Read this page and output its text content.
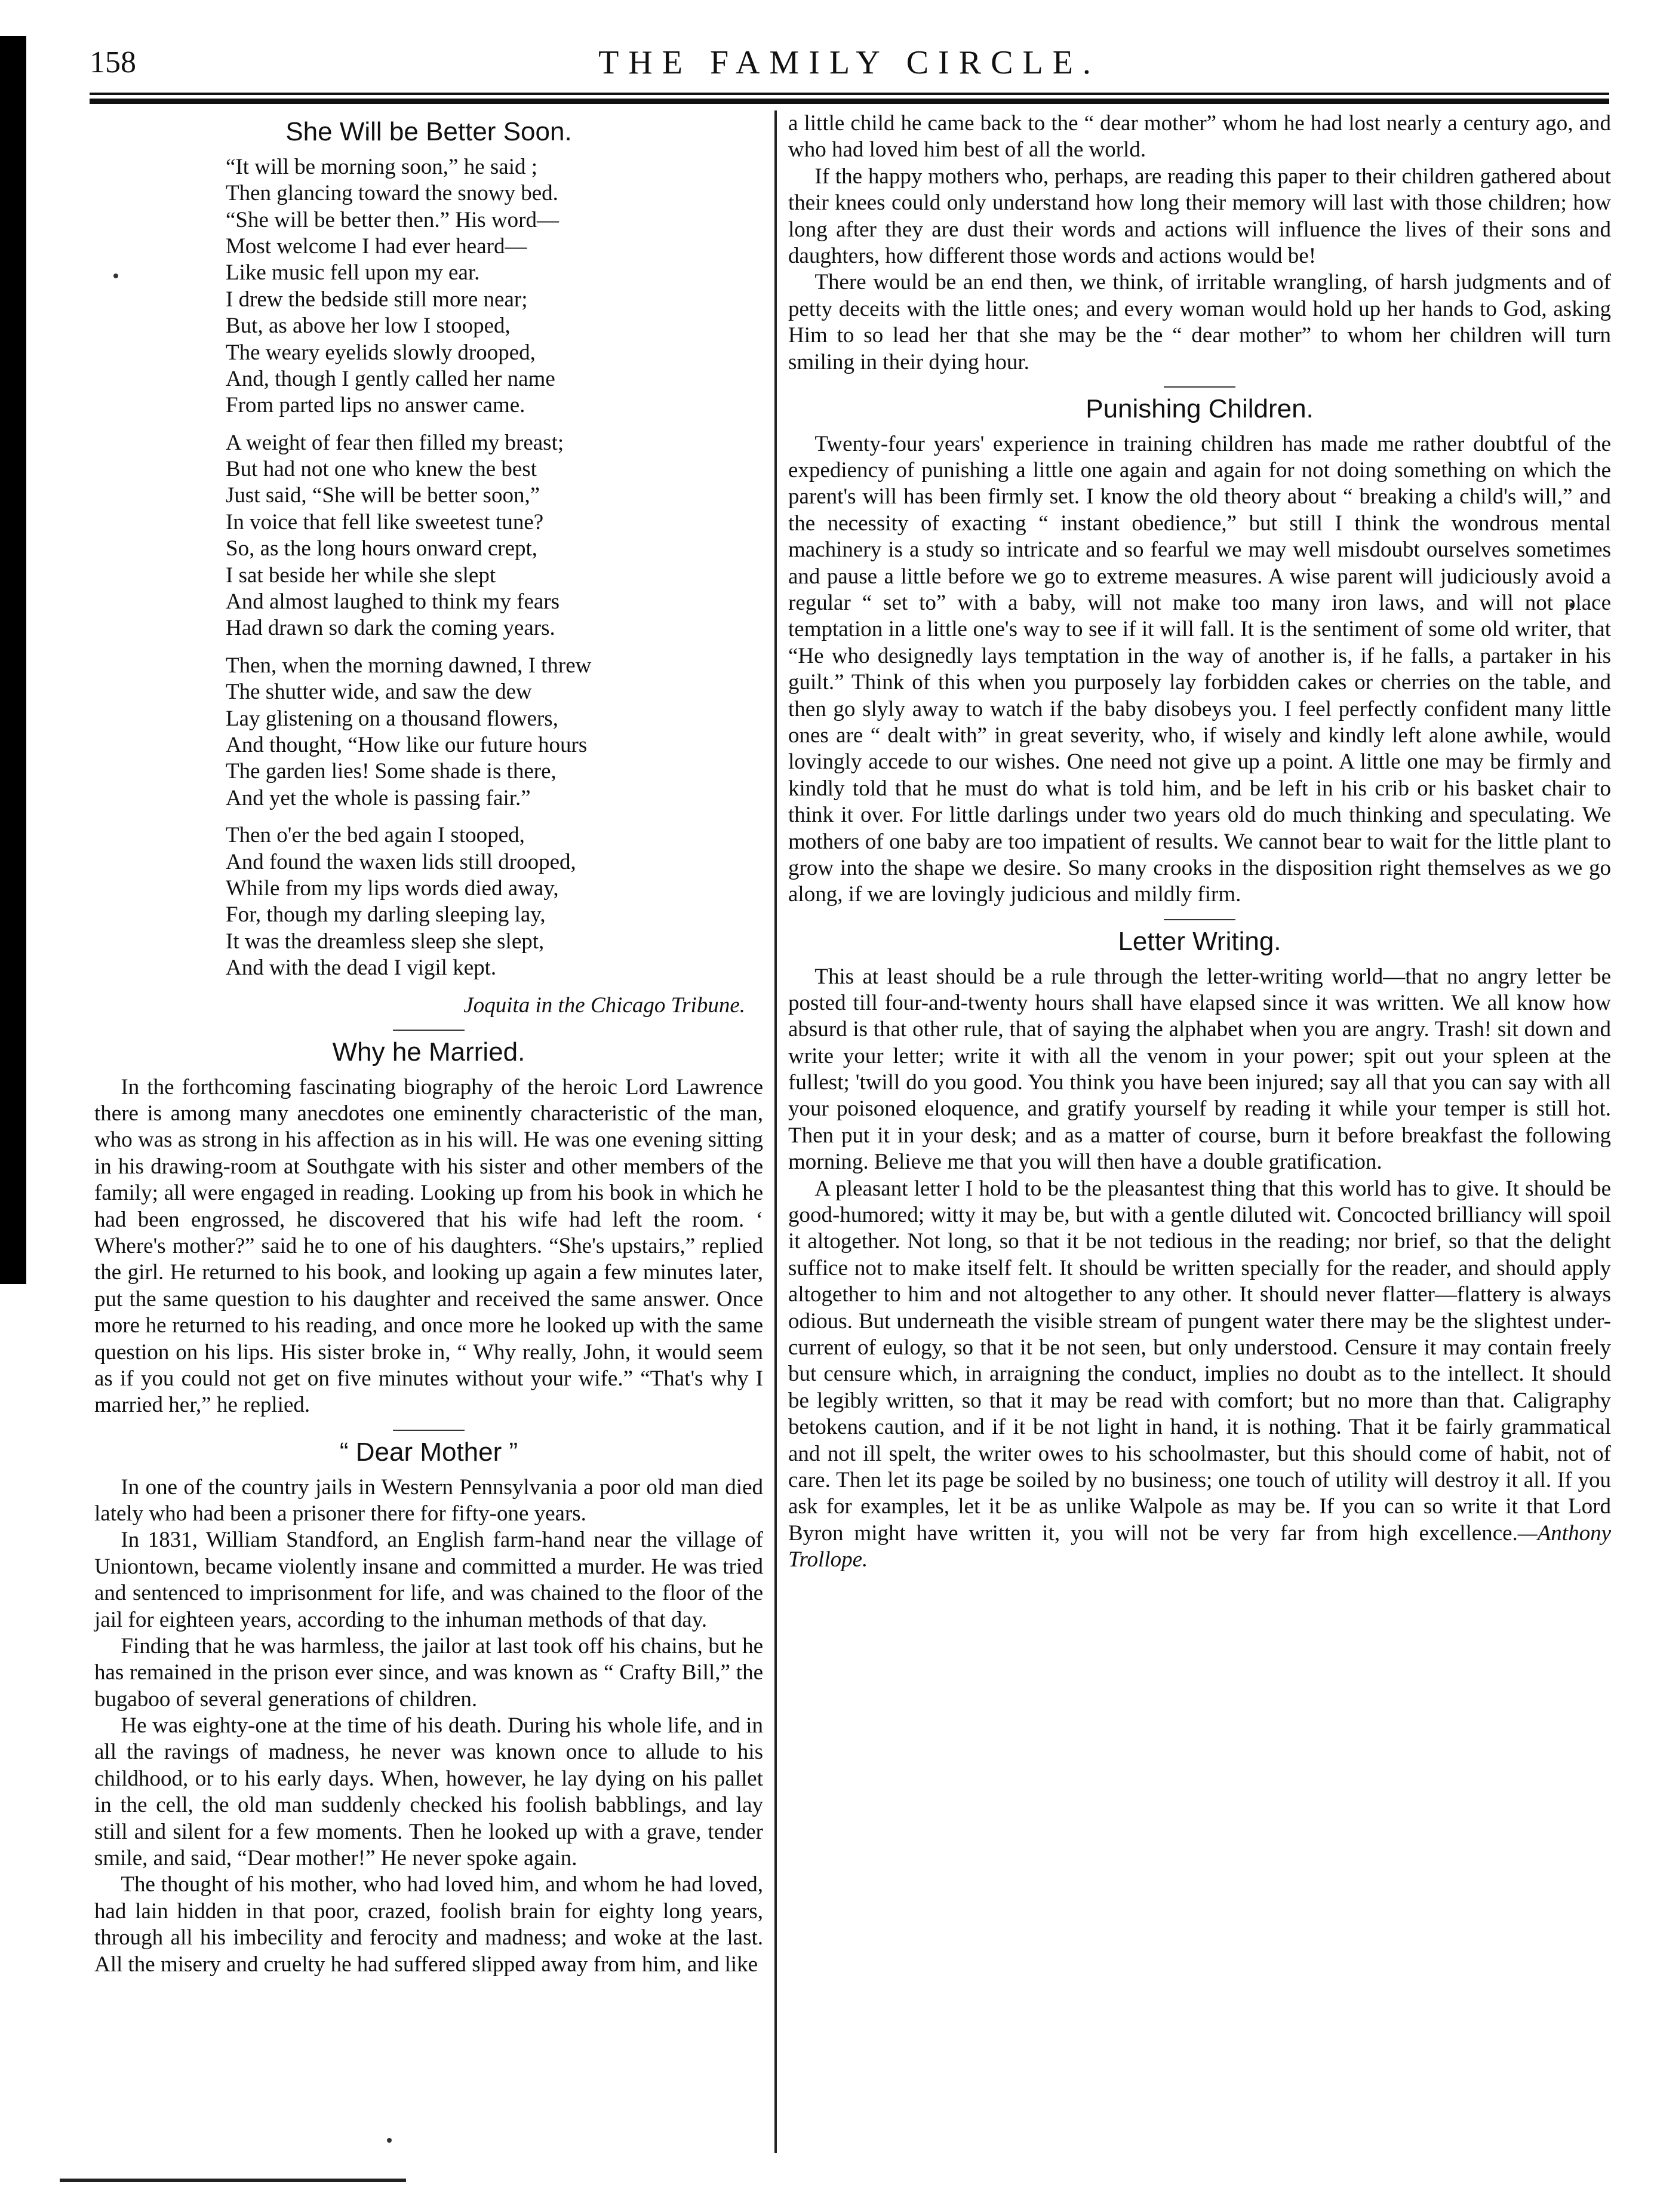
158	THE FAMILY CIRCLE.
She Will be Better Soon.
“It will be morning soon,” he said ;
Then glancing toward the snowy bed.
“She will be better then.” His word—
Most welcome I had ever heard—
Like music fell upon my ear.
I drew the bedside still more near;
But, as above her low I stooped,
The weary eyelids slowly drooped,
And, though I gently called her name
From parted lips no answer came.
A weight of fear then filled my breast;
But had not one who knew the best
Just said, “She will be better soon,”
In voice that fell like sweetest tune?
So, as the long hours onward crept,
I sat beside her while she slept
And almost laughed to think my fears
Had drawn so dark the coming years.
Then, when the morning dawned, I threw
The shutter wide, and saw the dew
Lay glistening on a thousand flowers,
And thought, “How like our future hours
The garden lies! Some shade is there,
And yet the whole is passing fair.”
Then o'er the bed again I stooped,
And found the waxen lids still drooped,
While from my lips words died away,
For, though my darling sleeping lay,
It was the dreamless sleep she slept,
And with the dead I vigil kept.
Joquita in the Chicago Tribune.
Why he Married.

In the forthcoming fascinating biography of the heroic Lord Lawrence there is among many anecdotes one eminently characteristic of the man, who was as strong in his affection as in his will. He was one evening sitting in his drawing-room at Southgate with his sister and other members of the family; all were engaged in reading. Looking up from his book in which he had been engrossed, he discovered that his wife had left the room. ‘ Where's mother?” said he to one of his daughters. “She's upstairs,” replied the girl. He returned to his book, and looking up again a few minutes later, put the same question to his daughter and received the same answer. Once more he returned to his reading, and once more he looked up with the same question on his lips. His sister broke in, “ Why really, John, it would seem as if you could not get on five minutes without your wife.” “That's why I married her,” he replied.

“ Dear Mother ”

In one of the country jails in Western Pennsylvania a poor old man died lately who had been a prisoner there for fifty-one years.

In 1831, William Standford, an English farm-hand near the village of Uniontown, became violently insane and committed a murder. He was tried and sentenced to imprisonment for life, and was chained to the floor of the jail for eighteen years, according to the inhuman methods of that day.

Finding that he was harmless, the jailor at last took off his chains, but he has remained in the prison ever since, and was known as “ Crafty Bill,” the bugaboo of several generations of children.

He was eighty-one at the time of his death. During his whole life, and in all the ravings of madness, he never was known once to allude to his childhood, or to his early days. When, however, he lay dying on his pallet in the cell, the old man suddenly checked his foolish babblings, and lay still and silent for a few moments. Then he looked up with a grave, tender smile, and said, “Dear mother!” He never spoke again.

The thought of his mother, who had loved him, and whom he had loved, had lain hidden in that poor, crazed, foolish brain for eighty long years, through all his imbecility and ferocity and madness; and woke at the last. All the misery and cruelty he had suffered slipped away from him, and like

a little child he came back to the “ dear mother” whom he had lost nearly a century ago, and who had loved him best of all the world.

If the happy mothers who, perhaps, are reading this paper to their children gathered about their knees could only understand how long their memory will last with those children; how long after they are dust their words and actions will influence the lives of their sons and daughters, how different those words and actions would be!

There would be an end then, we think, of irritable wrangling, of harsh judgments and of petty deceits with the little ones; and every woman would hold up her hands to God, asking Him to so lead her that she may be the “ dear mother” to whom her children will turn smiling in their dying hour.

Punishing Children.

Twenty-four years' experience in training children has made me rather doubtful of the expediency of punishing a little one again and again for not doing something on which the parent's will has been firmly set. I know the old theory about “ breaking a child's will,” and the necessity of exacting “ instant obedience,” but still I think the wondrous mental machinery is a study so intricate and so fearful we may well misdoubt ourselves sometimes and pause a little before we go to extreme measures. A wise parent will judiciously avoid a regular “ set to” with a baby, will not make too many iron laws, and will not place temptation in a little one's way to see if it will fall. It is the sentiment of some old writer, that “He who designedly lays temptation in the way of another is, if he falls, a partaker in his guilt.” Think of this when you purposely lay forbidden cakes or cherries on the table, and then go slyly away to watch if the baby disobeys you. I feel perfectly confident many little ones are “ dealt with” in great severity, who, if wisely and kindly left alone awhile, would lovingly accede to our wishes. One need not give up a point. A little one may be firmly and kindly told that he must do what is told him, and be left in his crib or his basket chair to think it over. For little darlings under two years old do much thinking and speculating. We mothers of one baby are too impatient of results. We cannot bear to wait for the little plant to grow into the shape we desire. So many crooks in the disposition right themselves as we go along, if we are lovingly judicious and mildly firm.

Letter Writing.

This at least should be a rule through the letter-writing world—that no angry letter be posted till four-and-twenty hours shall have elapsed since it was written. We all know how absurd is that other rule, that of saying the alphabet when you are angry. Trash! sit down and write your letter; write it with all the venom in your power; spit out your spleen at the fullest; 'twill do you good. You think you have been injured; say all that you can say with all your poisoned eloquence, and gratify yourself by reading it while your temper is still hot. Then put it in your desk; and as a matter of course, burn it before breakfast the following morning. Believe me that you will then have a double gratification.

A pleasant letter I hold to be the pleasantest thing that this world has to give. It should be good-humored; witty it may be, but with a gentle diluted wit. Concocted brilliancy will spoil it altogether. Not long, so that it be not tedious in the reading; nor brief, so that the delight suffice not to make itself felt. It should be written specially for the reader, and should apply altogether to him and not altogether to any other. It should never flatter—flattery is always odious. But underneath the visible stream of pungent water there may be the slightest under-current of eulogy, so that it be not seen, but only understood. Censure it may contain freely but censure which, in arraigning the conduct, implies no doubt as to the intellect. It should be legibly written, so that it may be read with comfort; but no more than that. Caligraphy betokens caution, and if it be not light in hand, it is nothing. That it be fairly grammatical and not ill spelt, the writer owes to his schoolmaster, but this should come of habit, not of care. Then let its page be soiled by no business; one touch of utility will destroy it all. If you ask for examples, let it be as unlike Walpole as may be. If you can so write it that Lord Byron might have written it, you will not be very far from high excellence.—Anthony Trollope.
